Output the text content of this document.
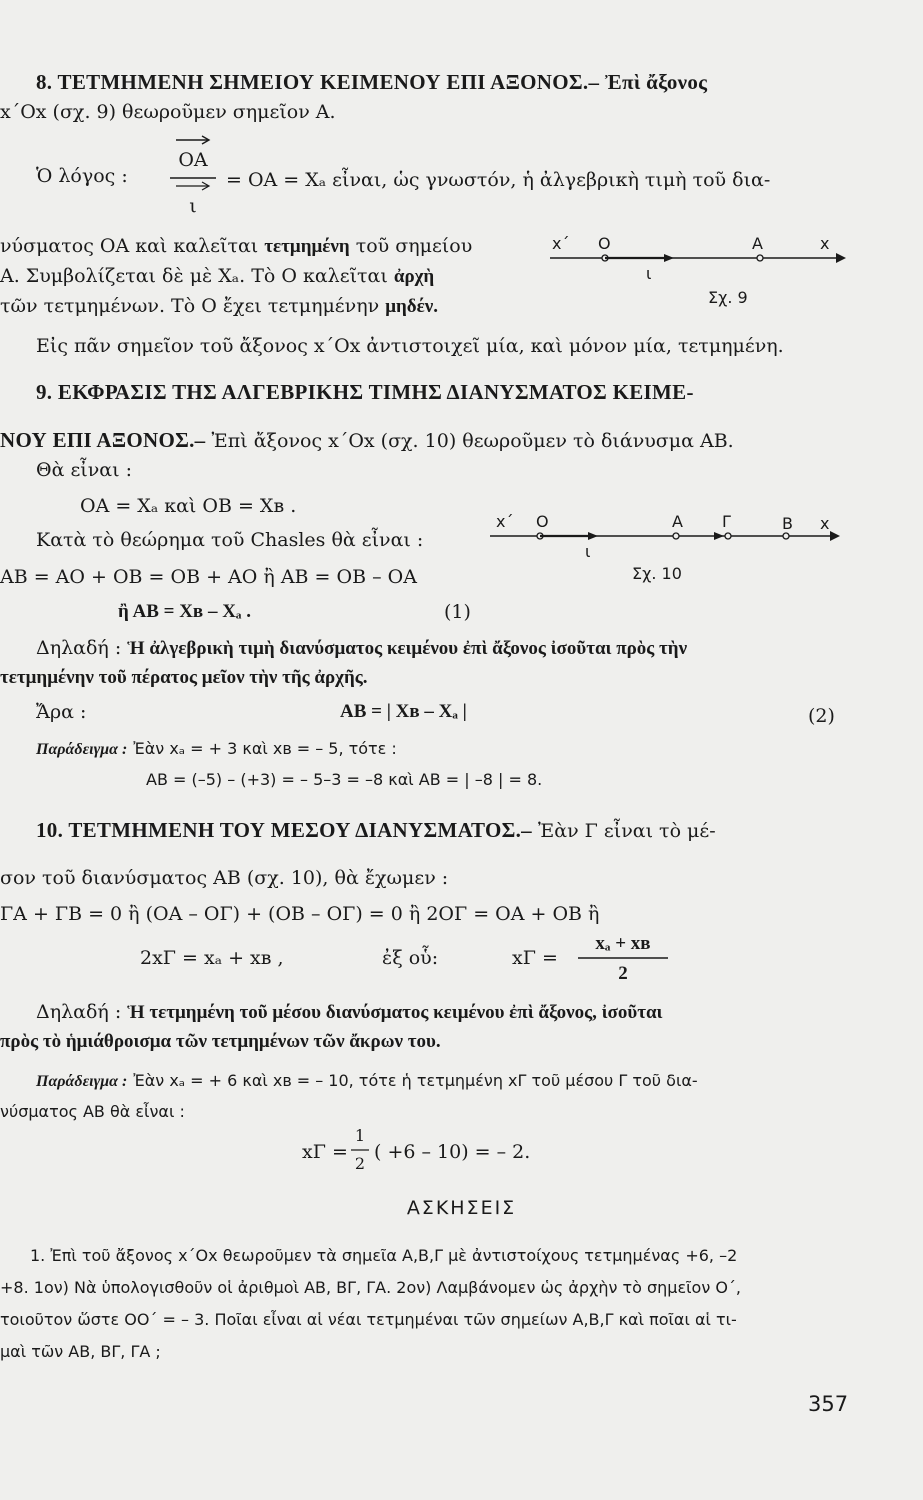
8. ΤΕΤΜΗΜΕΝΗ ΣΗΜΕΙΟΥ ΚΕΙΜΕΝΟΥ ΕΠΙ ΑΞΟΝΟΣ.– Ἐπὶ ἄξονος
x΄Ox (σχ. 9) θεωροῦμεν σημεῖον Α.
Ὁ λόγος :
ΟΑ
ι
= ΟΑ = Χₐ εἶναι, ὡς γνωστόν, ἡ ἀλγεβρικὴ τιμὴ τοῦ δια-
νύσματος ΟΑ καὶ καλεῖται τετμημένη τοῦ σημείου
Α. Συμβολίζεται δὲ μὲ Χₐ. Τὸ Ο καλεῖται ἀρχὴ
τῶν τετμημένων. Τὸ Ο ἔχει τετμημένην μηδέν.
Εἰς πᾶν σημεῖον τοῦ ἄξονος x΄Ox ἀντιστοιχεῖ μία, καὶ μόνον μία, τετμημένη.
x΄ O	A	x
ι
Σχ. 9
9. ΕΚΦΡΑΣΙΣ ΤΗΣ ΑΛΓΕΒΡΙΚΗΣ ΤΙΜΗΣ ΔΙΑΝΥΣΜΑΤΟΣ ΚΕΙΜΕ-
ΝΟΥ ΕΠΙ ΑΞΟΝΟΣ.– Ἐπὶ ἄξονος x΄Ox (σχ. 10) θεωροῦμεν τὸ διάνυσμα ΑΒ.
Θὰ εἶναι :
ΟΑ = Χₐ καὶ ΟΒ = Χʙ .
Κατὰ τὸ θεώρημα τοῦ Chasles θὰ εἶναι :
ΑΒ = ΑΟ + ΟΒ = ΟΒ + ΑΟ ἢ ΑΒ = ΟΒ – ΟΑ
ἢ ΑΒ = Χʙ – Χₐ .	(1)
Δηλαδή : Ἡ ἀλγεβρικὴ τιμὴ διανύσματος κειμένου ἐπὶ ἄξονος ἰσοῦται πρὸς τὴν
τετμημένην τοῦ πέρατος μεῖον τὴν τῆς ἀρχῆς.
Ἄρα :	ΑΒ = | Χʙ – Χₐ |	(2)
Παράδειγμα : Ἐὰν xₐ = + 3 καὶ xʙ = – 5, τότε :
ΑΒ = (–5) – (+3) = – 5–3 = –8 καὶ ΑΒ = | –8 | = 8.
x΄ O	A Γ	B x
ι
Σχ. 10
10. ΤΕΤΜΗΜΕΝΗ ΤΟΥ ΜΕΣΟΥ ΔΙΑΝΥΣΜΑΤΟΣ.– Ἐὰν Γ εἶναι τὸ μέ-
σον τοῦ διανύσματος ΑΒ (σχ. 10), θὰ ἔχωμεν :
ΓΑ + ΓΒ = 0 ἢ (ΟΑ – ΟΓ) + (ΟΒ – ΟΓ) = 0 ἢ 2ΟΓ = ΟΑ + ΟΒ ἢ
2xΓ = xₐ + xʙ ,	ἐξ οὗ:	xΓ =
xₐ + xʙ
2
Δηλαδή : Ἡ τετμημένη τοῦ μέσου διανύσματος κειμένου ἐπὶ ἄξονος, ἰσοῦται
πρὸς τὸ ἡμιάθροισμα τῶν τετμημένων τῶν ἄκρων του.
Παράδειγμα : Ἐὰν xₐ = + 6 καὶ xʙ = – 10, τότε ἡ τετμημένη xΓ τοῦ μέσου Γ τοῦ δια-
νύσματος ΑΒ θὰ εἶναι :
xΓ =
1
2
( +6 – 10) = – 2.
ΑΣΚΗΣΕΙΣ
1. Ἐπὶ τοῦ ἄξονος x΄Ox θεωροῦμεν τὰ σημεῖα Α,Β,Γ μὲ ἀντιστοίχους τετμημένας +6, –2
+8. 1ον) Νὰ ὑπολογισθοῦν οἱ ἀριθμοὶ ΑΒ, ΒΓ, ΓΑ. 2ον) Λαμβάνομεν ὡς ἀρχὴν τὸ σημεῖον Ο΄,
τοιοῦτον ὥστε ΟΟ΄ = – 3. Ποῖαι εἶναι αἱ νέαι τετμημέναι τῶν σημείων Α,Β,Γ καὶ ποῖαι αἱ τι-
μαὶ τῶν ΑΒ, ΒΓ, ΓΑ ;
357
